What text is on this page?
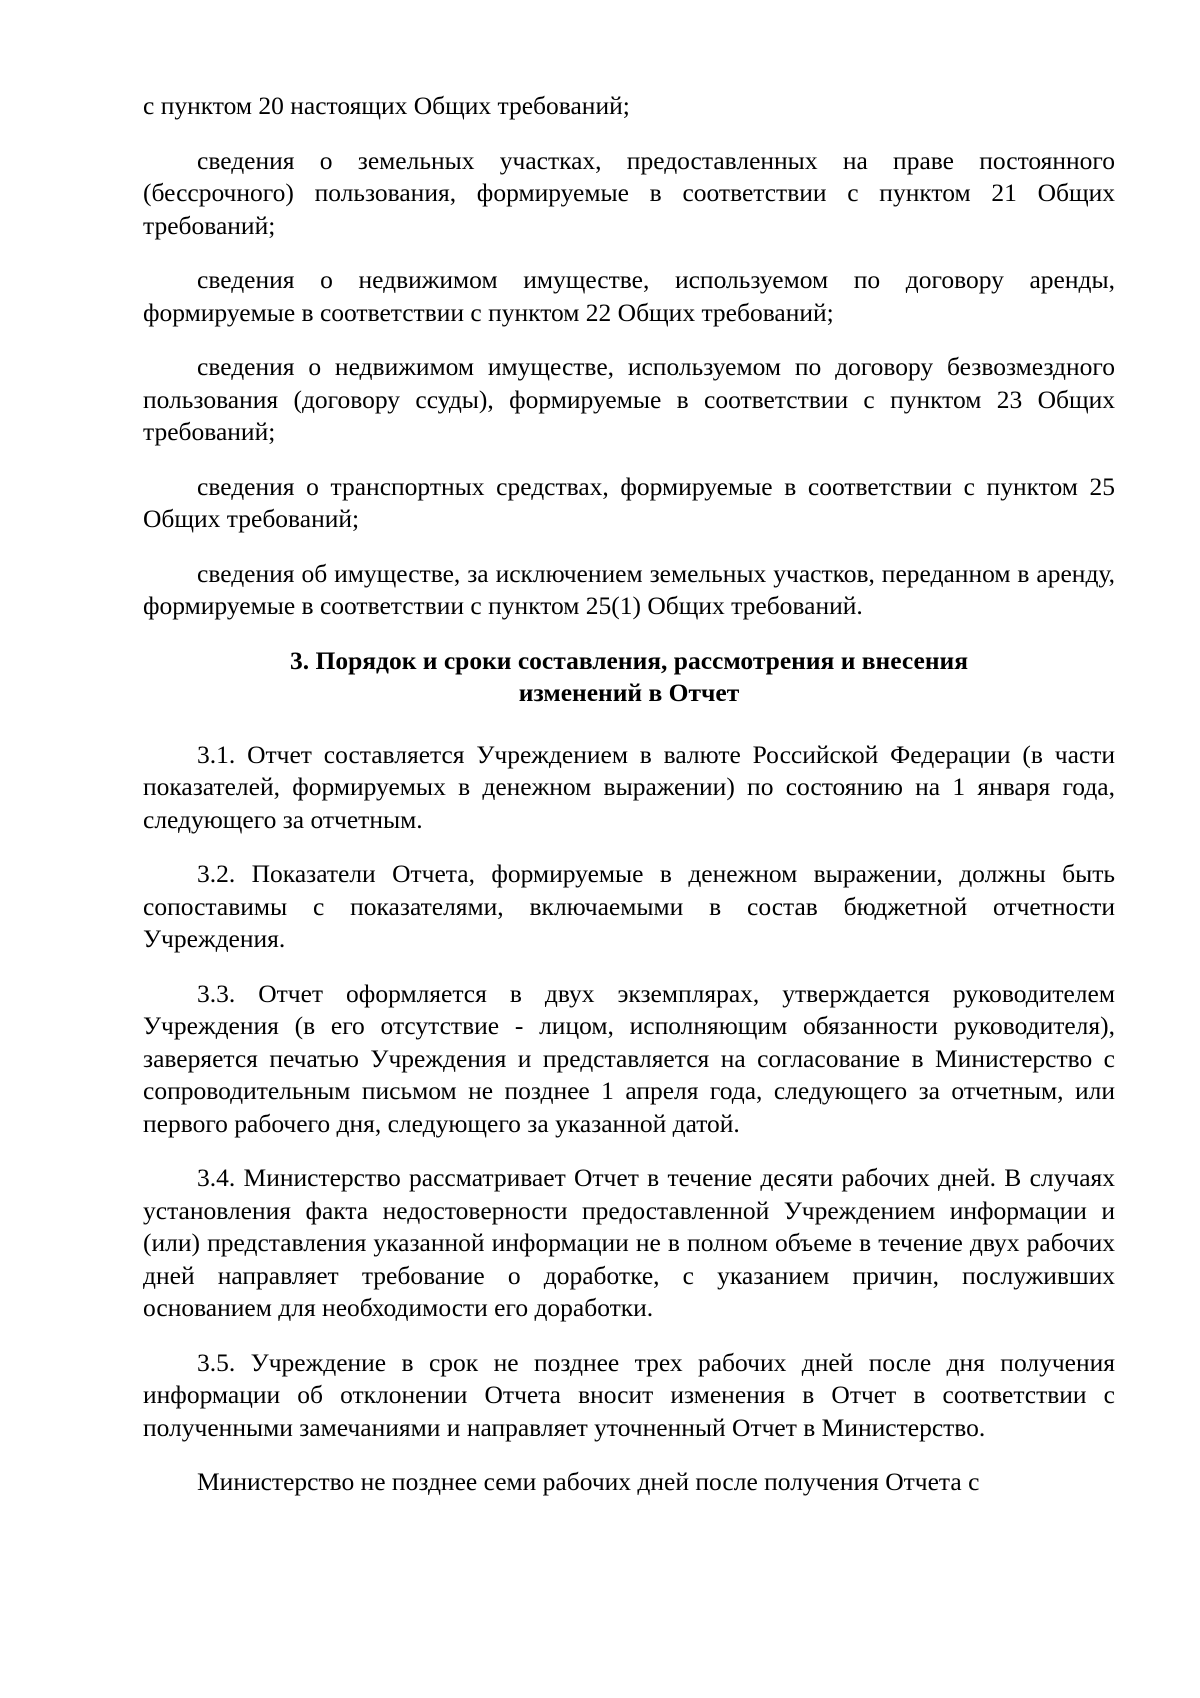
с пунктом 20 настоящих Общих требований;

сведения о земельных участках, предоставленных на праве постоянного (бессрочного) пользования, формируемые в соответствии с пунктом 21 Общих требований;

сведения о недвижимом имуществе, используемом по договору аренды, формируемые в соответствии с пунктом 22 Общих требований;

сведения о недвижимом имуществе, используемом по договору безвозмездного пользования (договору ссуды), формируемые в соответствии с пунктом 23 Общих требований;

сведения о транспортных средствах, формируемые в соответствии с пунктом 25 Общих требований;

сведения об имуществе, за исключением земельных участков, переданном в аренду, формируемые в соответствии с пунктом 25(1) Общих требований.

3. Порядок и сроки составления, рассмотрения и внесения
изменений в Отчет

3.1. Отчет составляется Учреждением в валюте Российской Федерации (в части показателей, формируемых в денежном выражении) по состоянию на 1 января года, следующего за отчетным.

3.2. Показатели Отчета, формируемые в денежном выражении, должны быть сопоставимы с показателями, включаемыми в состав бюджетной отчетности Учреждения.

3.3. Отчет оформляется в двух экземплярах, утверждается руководителем Учреждения (в его отсутствие - лицом, исполняющим обязанности руководителя), заверяется печатью Учреждения и представляется на согласование в Министерство с сопроводительным письмом не позднее 1 апреля года, следующего за отчетным, или первого рабочего дня, следующего за указанной датой.

3.4. Министерство рассматривает Отчет в течение десяти рабочих дней. В случаях установления факта недостоверности предоставленной Учреждением информации и (или) представления указанной информации не в полном объеме в течение двух рабочих дней направляет требование о доработке, с указанием причин, послуживших основанием для необходимости его доработки.

3.5. Учреждение в срок не позднее трех рабочих дней после дня получения информации об отклонении Отчета вносит изменения в Отчет в соответствии с полученными замечаниями и направляет уточненный Отчет в Министерство.

Министерство не позднее семи рабочих дней после получения Отчета с
